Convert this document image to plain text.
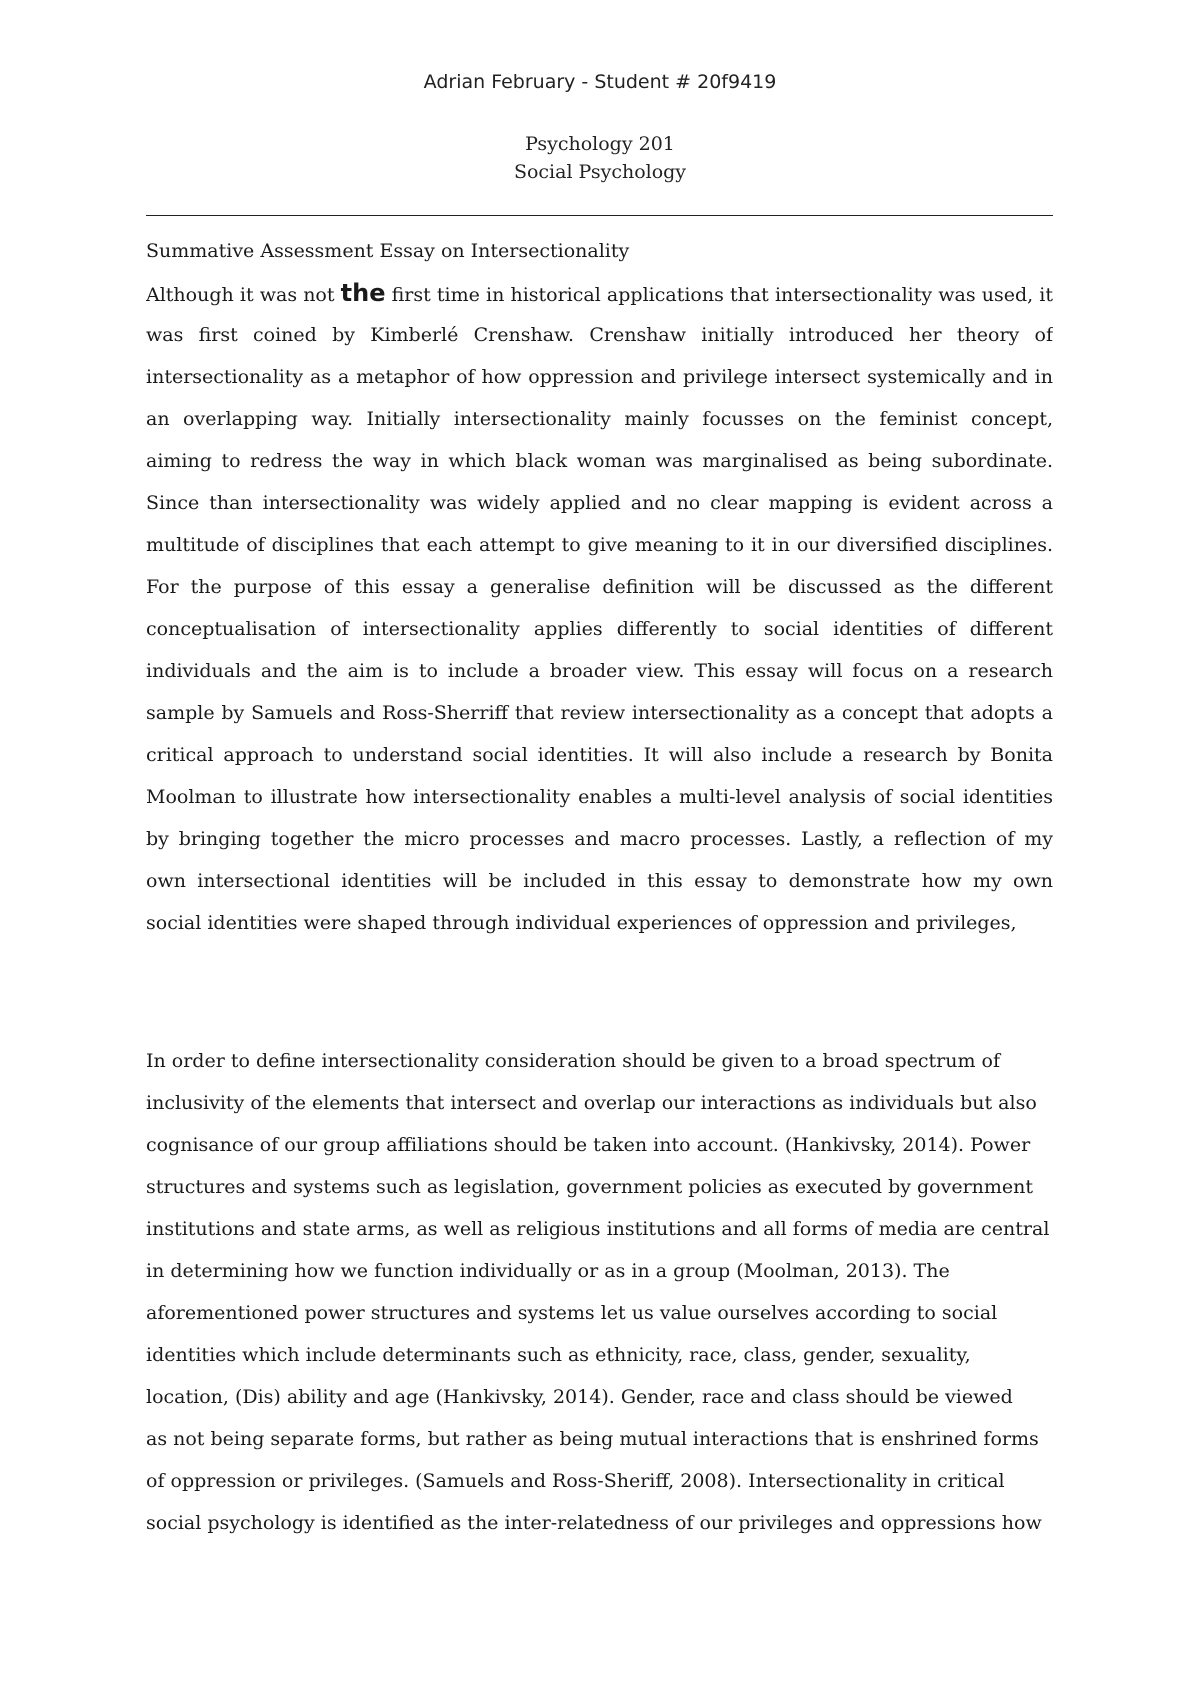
Adrian February - Student # 20f9419
Psychology 201
Social Psychology
Summative Assessment Essay on Intersectionality
Although it was not the first time in historical applications that intersectionality was used, it
was first coined by Kimberlé Crenshaw. Crenshaw initially introduced her theory of
intersectionality as a metaphor of how oppression and privilege intersect systemically and in
an overlapping way. Initially intersectionality mainly focusses on the feminist concept,
aiming to redress the way in which black woman was marginalised as being subordinate.
Since than intersectionality was widely applied and no clear mapping is evident across a
multitude of disciplines that each attempt to give meaning to it in our diversified disciplines.
For the purpose of this essay a generalise definition will be discussed as the different
conceptualisation of intersectionality applies differently to social identities of different
individuals and the aim is to include a broader view. This essay will focus on a research
sample by Samuels and Ross-Sherriff that review intersectionality as a concept that adopts a
critical approach to understand social identities. It will also include a research by Bonita
Moolman to illustrate how intersectionality enables a multi-level analysis of social identities
by bringing together the micro processes and macro processes. Lastly, a reflection of my
own intersectional identities will be included in this essay to demonstrate how my own
social identities were shaped through individual experiences of oppression and privileges,
In order to define intersectionality consideration should be given to a broad spectrum of
inclusivity of the elements that intersect and overlap our interactions as individuals but also
cognisance of our group affiliations should be taken into account. (Hankivsky, 2014). Power
structures and systems such as legislation, government policies as executed by government
institutions and state arms, as well as religious institutions and all forms of media are central
in determining how we function individually or as in a group (Moolman, 2013). The
aforementioned power structures and systems let us value ourselves according to social
identities which include determinants such as ethnicity, race, class, gender, sexuality,
location, (Dis) ability and age (Hankivsky, 2014). Gender, race and class should be viewed
as not being separate forms, but rather as being mutual interactions that is enshrined forms
of oppression or privileges. (Samuels and Ross-Sheriff, 2008). Intersectionality in critical
social psychology is identified as the inter-relatedness of our privileges and oppressions how
